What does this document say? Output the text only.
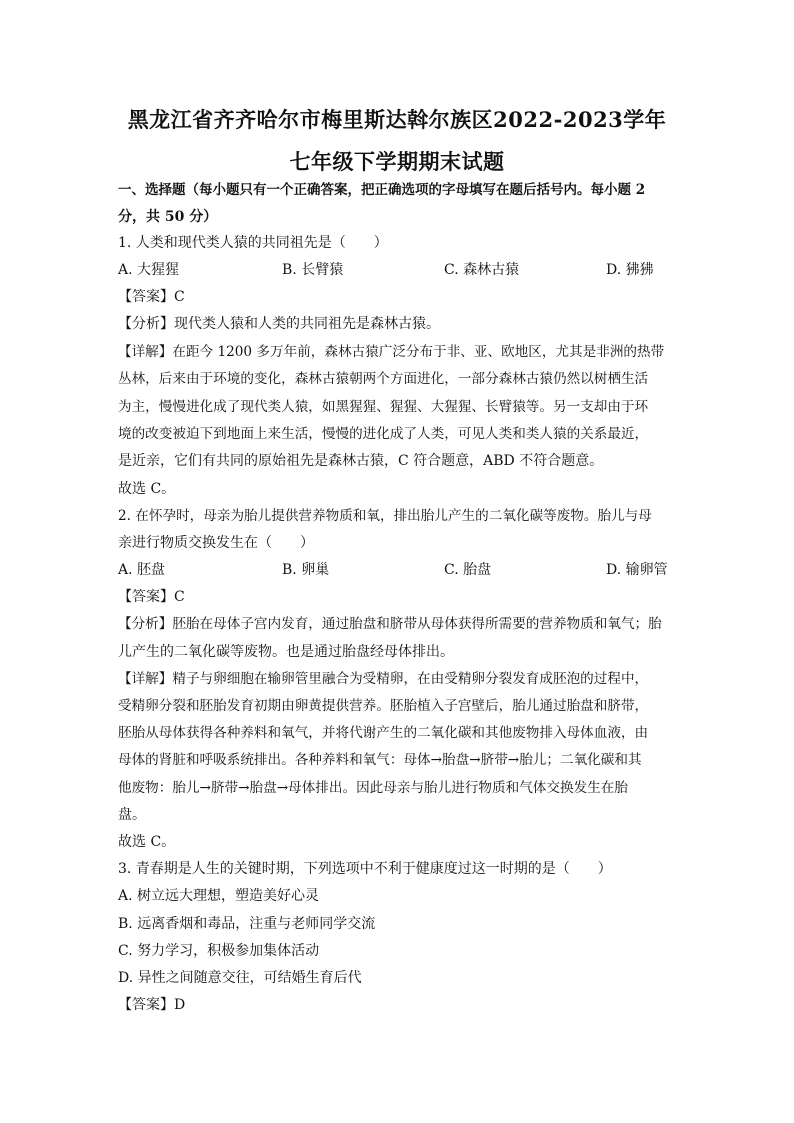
黑龙江省齐齐哈尔市梅里斯达斡尔族区2022-2023学年
七年级下学期期末试题
一、选择题（每小题只有一个正确答案，把正确选项的字母填写在题后括号内。每小题 2
分，共 50 分）
1. 人类和现代类人猿的共同祖先是（　　）
A. 大猩猩	B. 长臂猿	C. 森林古猿	D. 狒狒
【答案】C
【分析】现代类人猿和人类的共同祖先是森林古猿。
【详解】在距今 1200 多万年前，森林古猿广泛分布于非、亚、欧地区，尤其是非洲的热带
丛林，后来由于环境的变化，森林古猿朝两个方面进化，一部分森林古猿仍然以树栖生活
为主，慢慢进化成了现代类人猿，如黑猩猩、猩猩、大猩猩、长臂猿等。另一支却由于环
境的改变被迫下到地面上来生活，慢慢的进化成了人类，可见人类和类人猿的关系最近，
是近亲，它们有共同的原始祖先是森林古猿，C 符合题意，ABD 不符合题意。
故选 C。
2. 在怀孕时，母亲为胎儿提供营养物质和氧，排出胎儿产生的二氧化碳等废物。胎儿与母
亲进行物质交换发生在（　　）
A. 胚盘	B. 卵巢	C. 胎盘	D. 输卵管
【答案】C
【分析】胚胎在母体子宫内发育，通过胎盘和脐带从母体获得所需要的营养物质和氧气；胎
儿产生的二氧化碳等废物。也是通过胎盘经母体排出。
【详解】精子与卵细胞在输卵管里融合为受精卵，在由受精卵分裂发育成胚泡的过程中，
受精卵分裂和胚胎发育初期由卵黄提供营养。胚胎植入子宫壁后，胎儿通过胎盘和脐带，
胚胎从母体获得各种养料和氧气，并将代谢产生的二氧化碳和其他废物排入母体血液，由
母体的肾脏和呼吸系统排出。各种养料和氧气：母体→胎盘→脐带→胎儿；二氧化碳和其
他废物：胎儿→脐带→胎盘→母体排出。因此母亲与胎儿进行物质和气体交换发生在胎
盘。
故选 C。
3. 青春期是人生的关键时期，下列选项中不利于健康度过这一时期的是（　　）
A. 树立远大理想，塑造美好心灵
B. 远离香烟和毒品，注重与老师同学交流
C. 努力学习，积极参加集体活动
D. 异性之间随意交往，可结婚生育后代
【答案】D
